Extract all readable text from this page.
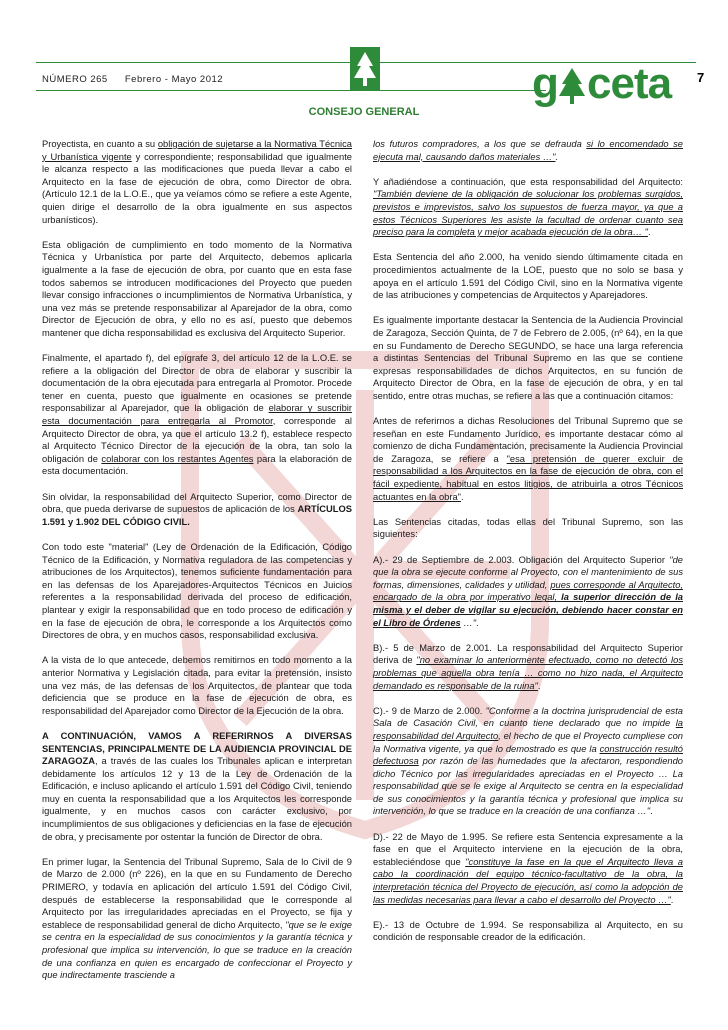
NÚMERO 265 Febrero - Mayo 2012	g ceta 7
CONSEJO GENERAL

Proyectista, en cuanto a su obligación de sujetarse a la Normativa Técnica y Urbanística vigente y correspondiente; responsabilidad que igualmente le alcanza respecto a las modificaciones que pueda llevar a cabo el Arquitecto en la fase de ejecución de obra, como Director de obra. (Artículo 12.1 de la L.O.E., que ya veíamos cómo se refiere a este Agente, quien dirige el desarrollo de la obra igualmente en sus aspectos urbanísticos).

Esta obligación de cumplimiento en todo momento de la Normativa Técnica y Urbanística por parte del Arquitecto, debemos aplicarla igualmente a la fase de ejecución de obra, por cuanto que en esta fase todos sabemos se introducen modificaciones del Proyecto que pueden llevar consigo infracciones o incumplimientos de Normativa Urbanística, y una vez más se pretende responsabilizar al Aparejador de la obra, como Director de Ejecución de obra, y ello no es así, puesto que debemos mantener que dicha responsabilidad es exclusiva del Arquitecto Superior.

Finalmente, el apartado f), del epígrafe 3, del artículo 12 de la L.O.E. se refiere a la obligación del Director de obra de elaborar y suscribir la documentación de la obra ejecutada para entregarla al Promotor. Procede tener en cuenta, puesto que igualmente en ocasiones se pretende responsabilizar al Aparejador, que la obligación de elaborar y suscribir esta documentación para entregarla al Promotor, corresponde al Arquitecto Director de obra, ya que el artículo 13.2 f), establece respecto al Arquitecto Técnico Director de la ejecución de la obra, tan solo la obligación de colaborar con los restantes Agentes para la elaboración de esta documentación.

Sin olvidar, la responsabilidad del Arquitecto Superior, como Director de obra, que pueda derivarse de supuestos de aplicación de los ARTÍCULOS 1.591 y 1.902 DEL CÓDIGO CIVIL.

Con todo este "material" (Ley de Ordenación de la Edificación, Código Técnico de la Edificación, y Normativa reguladora de las competencias y atribuciones de los Arquitectos), tenemos suficiente fundamentación para en las defensas de los Aparejadores-Arquitectos Técnicos en Juicios referentes a la responsabilidad derivada del proceso de edificación, plantear y exigir la responsabilidad que en todo proceso de edificación y en la fase de ejecución de obra, le corresponde a los Arquitectos como Directores de obra, y en muchos casos, responsabilidad exclusiva.

A la vista de lo que antecede, debemos remitirnos en todo momento a la anterior Normativa y Legislación citada, para evitar la pretensión, insisto una vez más, de las defensas de los Arquitectos, de plantear que toda deficiencia que se produce en la fase de ejecución de obra, es responsabilidad del Aparejador como Director de la Ejecución de la obra.

A CONTINUACIÓN, VAMOS A REFERIRNOS A DIVERSAS SENTENCIAS, PRINCIPALMENTE DE LA AUDIENCIA PROVINCIAL DE ZARAGOZA, a través de las cuales los Tribunales aplican e interpretan debidamente los artículos 12 y 13 de la Ley de Ordenación de la Edificación, e incluso aplicando el artículo 1.591 del Código Civil, teniendo muy en cuenta la responsabilidad que a los Arquitectos les corresponde igualmente, y en muchos casos con carácter exclusivo, por incumplimientos de sus obligaciones y deficiencias en la fase de ejecución de obra, y precisamente por ostentar la función de Director de obra.

En primer lugar, la Sentencia del Tribunal Supremo, Sala de lo Civil de 9 de Marzo de 2.000 (nº 226), en la que en su Fundamento de Derecho PRIMERO, y todavía en aplicación del artículo 1.591 del Código Civil, después de establecerse la responsabilidad que le corresponde al Arquitecto por las irregularidades apreciadas en el Proyecto, se fija y establece de responsabilidad general de dicho Arquitecto, "que se le exige se centra en la especialidad de sus conocimientos y la garantía técnica y profesional que implica su intervención, lo que se traduce en la creación de una confianza en quien es encargado de confeccionar el Proyecto y que indirectamente trasciende a

los futuros compradores, a los que se defrauda si lo encomendado se ejecuta mal, causando daños materiales …".

Y añadiéndose a continuación, que esta responsabilidad del Arquitecto: "También deviene de la obligación de solucionar los problemas surgidos, previstos e imprevistos, salvo los supuestos de fuerza mayor, ya que a estos Técnicos Superiores les asiste la facultad de ordenar cuanto sea preciso para la completa y mejor acabada ejecución de la obra… ".

Esta Sentencia del año 2.000, ha venido siendo últimamente citada en procedimientos actualmente de la LOE, puesto que no solo se basa y apoya en el artículo 1.591 del Código Civil, sino en la Normativa vigente de las atribuciones y competencias de Arquitectos y Aparejadores.

Es igualmente importante destacar la Sentencia de la Audiencia Provincial de Zaragoza, Sección Quinta, de 7 de Febrero de 2.005, (nº 64), en la que en su Fundamento de Derecho SEGUNDO, se hace una larga referencia a distintas Sentencias del Tribunal Supremo en las que se contiene expresas responsabilidades de dichos Arquitectos, en su función de Arquitecto Director de Obra, en la fase de ejecución de obra, y en tal sentido, entre otras muchas, se refiere a las que a continuación citamos:

Antes de referirnos a dichas Resoluciones del Tribunal Supremo que se reseñan en este Fundamento Jurídico, es importante destacar cómo al comienzo de dicha Fundamentación, precisamente la Audiencia Provincial de Zaragoza, se refiere a "esa pretensión de querer excluir de responsabilidad a los Arquitectos en la fase de ejecución de obra, con el fácil expediente, habitual en estos litigios, de atribuirla a otros Técnicos actuantes en la obra".

Las Sentencias citadas, todas ellas del Tribunal Supremo, son las siguientes:

A).- 29 de Septiembre de 2.003. Obligación del Arquitecto Superior "de que la obra se ejecute conforme al Proyecto, con el mantenimiento de sus formas, dimensiones, calidades y utilidad, pues corresponde al Arquitecto, encargado de la obra por imperativo legal, la superior dirección de la misma y el deber de vigilar su ejecución, debiendo hacer constar en el Libro de Órdenes …".

B).- 5 de Marzo de 2.001. La responsabilidad del Arquitecto Superior deriva de "no examinar lo anteriormente efectuado, como no detectó los problemas que aquella obra tenía … como no hizo nada, el Arquitecto demandado es responsable de la ruina".

C).- 9 de Marzo de 2.000. "Conforme a la doctrina jurisprudencial de esta Sala de Casación Civil, en cuanto tiene declarado que no impide la responsabilidad del Arquitecto, el hecho de que el Proyecto cumpliese con la Normativa vigente, ya que lo demostrado es que la construcción resultó defectuosa por razón de las humedades que la afectaron, respondiendo dicho Técnico por las irregularidades apreciadas en el Proyecto … La responsabilidad que se le exige al Arquitecto se centra en la especialidad de sus conocimientos y la garantía técnica y profesional que implica su intervención, lo que se traduce en la creación de una confianza …".

D).- 22 de Mayo de 1.995. Se refiere esta Sentencia expresamente a la fase en que el Arquitecto interviene en la ejecución de la obra, estableciéndose que "constituye la fase en la que el Arquitecto lleva a cabo la coordinación del equipo técnico-facultativo de la obra, la interpretación técnica del Proyecto de ejecución, así como la adopción de las medidas necesarias para llevar a cabo el desarrollo del Proyecto …".

E).- 13 de Octubre de 1.994. Se responsabiliza al Arquitecto, en su condición de responsable creador de la edificación.
